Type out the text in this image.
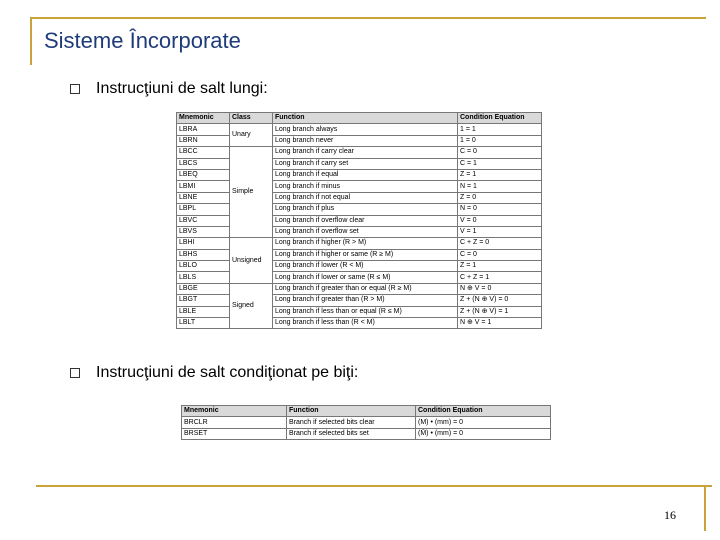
Sisteme Încorporate
Instrucţiuni de salt lungi:
Mnemonic	Class	Function	Condition Equation
LBRA	Unary	Long branch always	1 = 1
LBRN		Long branch never	1 = 0
LBCC	Simple	Long branch if carry clear	C = 0
LBCS		Long branch if carry set	C = 1
LBEQ		Long branch if equal	Z = 1
LBMI		Long branch if minus	N = 1
LBNE		Long branch if not equal	Z = 0
LBPL		Long branch if plus	N = 0
LBVC		Long branch if overflow clear	V = 0
LBVS		Long branch if overflow set	V = 1
LBHI	Unsigned	Long branch if higher (R > M)	C + Z = 0
LBHS		Long branch if higher or same (R ≥ M)	C = 0
LBLO		Long branch if lower (R < M)	Z = 1
LBLS		Long branch if lower or same (R ≤ M)	C + Z = 1
LBGE	Signed	Long branch if greater than or equal (R ≥ M)	N ⊕ V = 0
LBGT		Long branch if greater than (R > M)	Z + (N ⊕ V) = 0
LBLE		Long branch if less than or equal (R ≤ M)	Z + (N ⊕ V) = 1
LBLT		Long branch if less than (R < M)	N ⊕ V = 1
Instrucţiuni de salt condiţionat pe biţi:
Mnemonic	Function	Condition Equation
BRCLR	Branch if selected bits clear	(M) • (mm) = 0
BRSET	Branch if selected bits set	(M̄) • (mm) = 0
16
